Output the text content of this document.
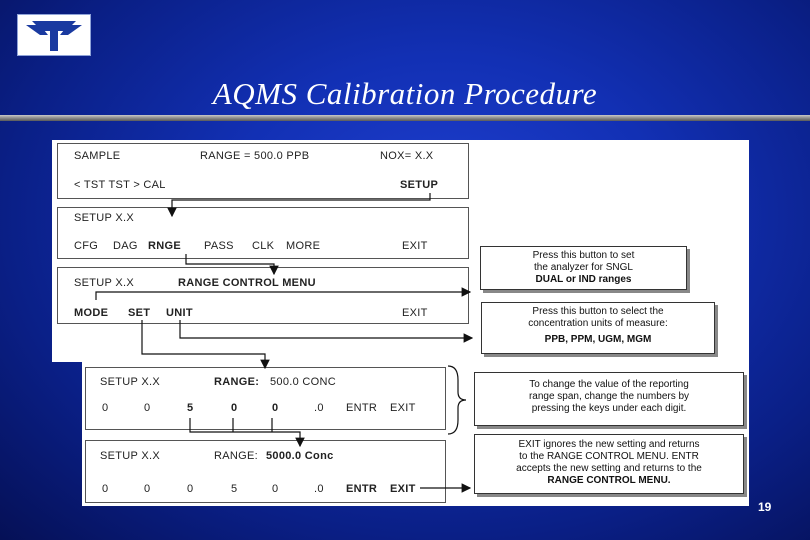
AQMS Calibration Procedure
SAMPLE	RANGE = 500.0 PPB	NOX= X.X
< TST TST > CAL	SETUP
SETUP X.X
CFG DAG RNGE PASS CLK MORE	EXIT
SETUP X.X	RANGE CONTROL MENU
MODE SET UNIT	EXIT
SETUP X.X	RANGE: 500.0 CONC
0	0	5	0	0	.0 ENTR EXIT
SETUP X.X	RANGE: 5000.0 Conc
0	0	0	5	0	.0 ENTR EXIT
Press this button to set
the analyzer for SNGL
DUAL or IND ranges
Press this button to select the
concentration units of measure:
PPB, PPM, UGM, MGM
To change the value of the reporting
range span, change the numbers by
pressing the keys under each digit.
EXIT ignores the new setting and returns
to the RANGE CONTROL MENU. ENTR
accepts the new setting and returns to the
RANGE CONTROL MENU.
19
